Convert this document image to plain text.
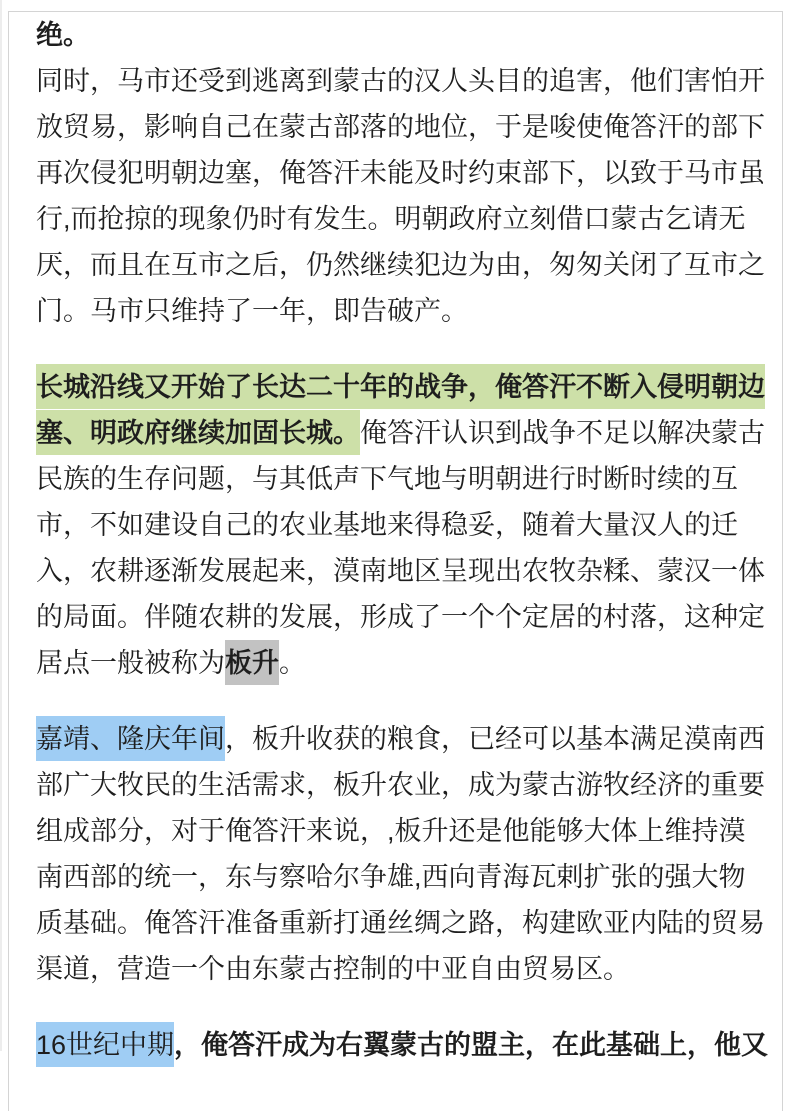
绝。

同时，马市还受到逃离到蒙古的汉人头目的追害，他们害怕开放贸易，影响自己在蒙古部落的地位，于是唆使俺答汗的部下再次侵犯明朝边塞，俺答汗未能及时约束部下，以致于马市虽行,而抢掠的现象仍时有发生。明朝政府立刻借口蒙古乞请无厌，而且在互市之后，仍然继续犯边为由，匆匆关闭了互市之门。马市只维持了一年，即告破产。

长城沿线又开始了长达二十年的战争，俺答汗不断入侵明朝边塞、明政府继续加固长城。俺答汗认识到战争不足以解决蒙古民族的生存问题，与其低声下气地与明朝进行时断时续的互市，不如建设自己的农业基地来得稳妥，随着大量汉人的迁入，农耕逐渐发展起来，漠南地区呈现出农牧杂糅、蒙汉一体的局面。伴随农耕的发展，形成了一个个定居的村落，这种定居点一般被称为板升。

嘉靖、隆庆年间，板升收获的粮食，已经可以基本满足漠南西部广大牧民的生活需求，板升农业，成为蒙古游牧经济的重要组成部分，对于俺答汗来说，,板升还是他能够大体上维持漠南西部的统一，东与察哈尔争雄,西向青海瓦剌扩张的强大物质基础。俺答汗准备重新打通丝绸之路，构建欧亚内陆的贸易渠道，营造一个由东蒙古控制的中亚自由贸易区。

16世纪中期，俺答汗成为右翼蒙古的盟主，在此基础上，他又
